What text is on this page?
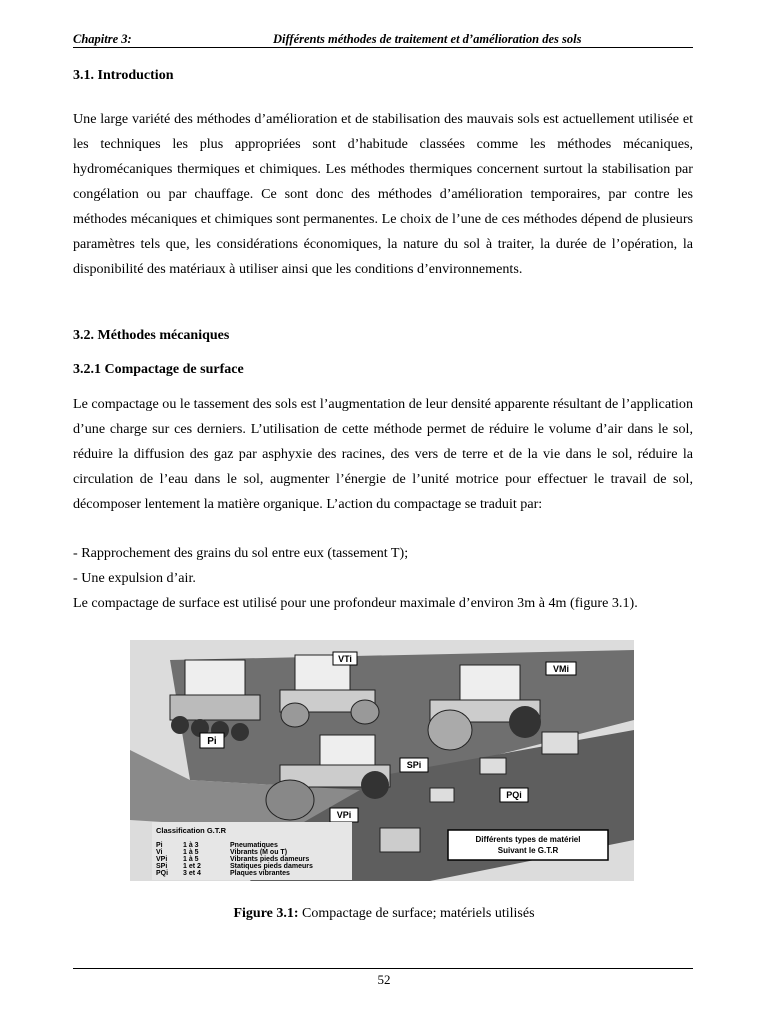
Chapitre 3:	Différents méthodes de traitement et d’amélioration des sols
3.1. Introduction

Une large variété des méthodes d’amélioration et de stabilisation des mauvais sols est actuellement utilisée et les techniques les plus appropriées sont d’habitude classées comme les méthodes mécaniques, hydromécaniques thermiques et chimiques. Les méthodes thermiques concernent surtout la stabilisation par congélation ou par chauffage. Ce sont donc des méthodes d’amélioration temporaires, par contre les méthodes mécaniques et chimiques sont permanentes. Le choix de l’une de ces méthodes dépend de plusieurs paramètres tels que, les considérations économiques, la nature du sol à traiter, la durée de l’opération, la disponibilité des matériaux à utiliser ainsi que les conditions d’environnements.

3.2. Méthodes mécaniques
3.2.1 Compactage de surface

Le compactage ou le tassement des sols est l’augmentation de leur densité apparente résultant de l’application d’une charge sur ces derniers. L’utilisation de cette méthode permet de réduire le volume d’air dans le sol, réduire la diffusion des gaz par asphyxie des racines, des vers de terre et de la vie dans le sol, réduire la circulation de l’eau dans le sol, augmenter l’énergie de l’unité motrice pour effectuer le travail de sol, décomposer lentement la matière organique. L’action du compactage se traduit par:

- Rapprochement des grains du sol entre eux (tassement T);

- Une expulsion d’air.

Le compactage de surface est utilisé pour une profondeur maximale d’environ 3m à 4m (figure 3.1).

VTi
VMi
Pi
SPi
VPi
PQi
Classification G.T.R
Pi	1 à 3	Pneumatiques
Vi	1 à 5	Vibrants (M ou T)
VPi 1 à 5	Vibrants pieds dameurs
SPi 1 et 2	Statiques pieds dameurs
PQi 3 et 4	Plaques vibrantes
Différents types de matériel
Suivant le G.T.R
Figure 3.1: Compactage de surface; matériels utilisés
52
